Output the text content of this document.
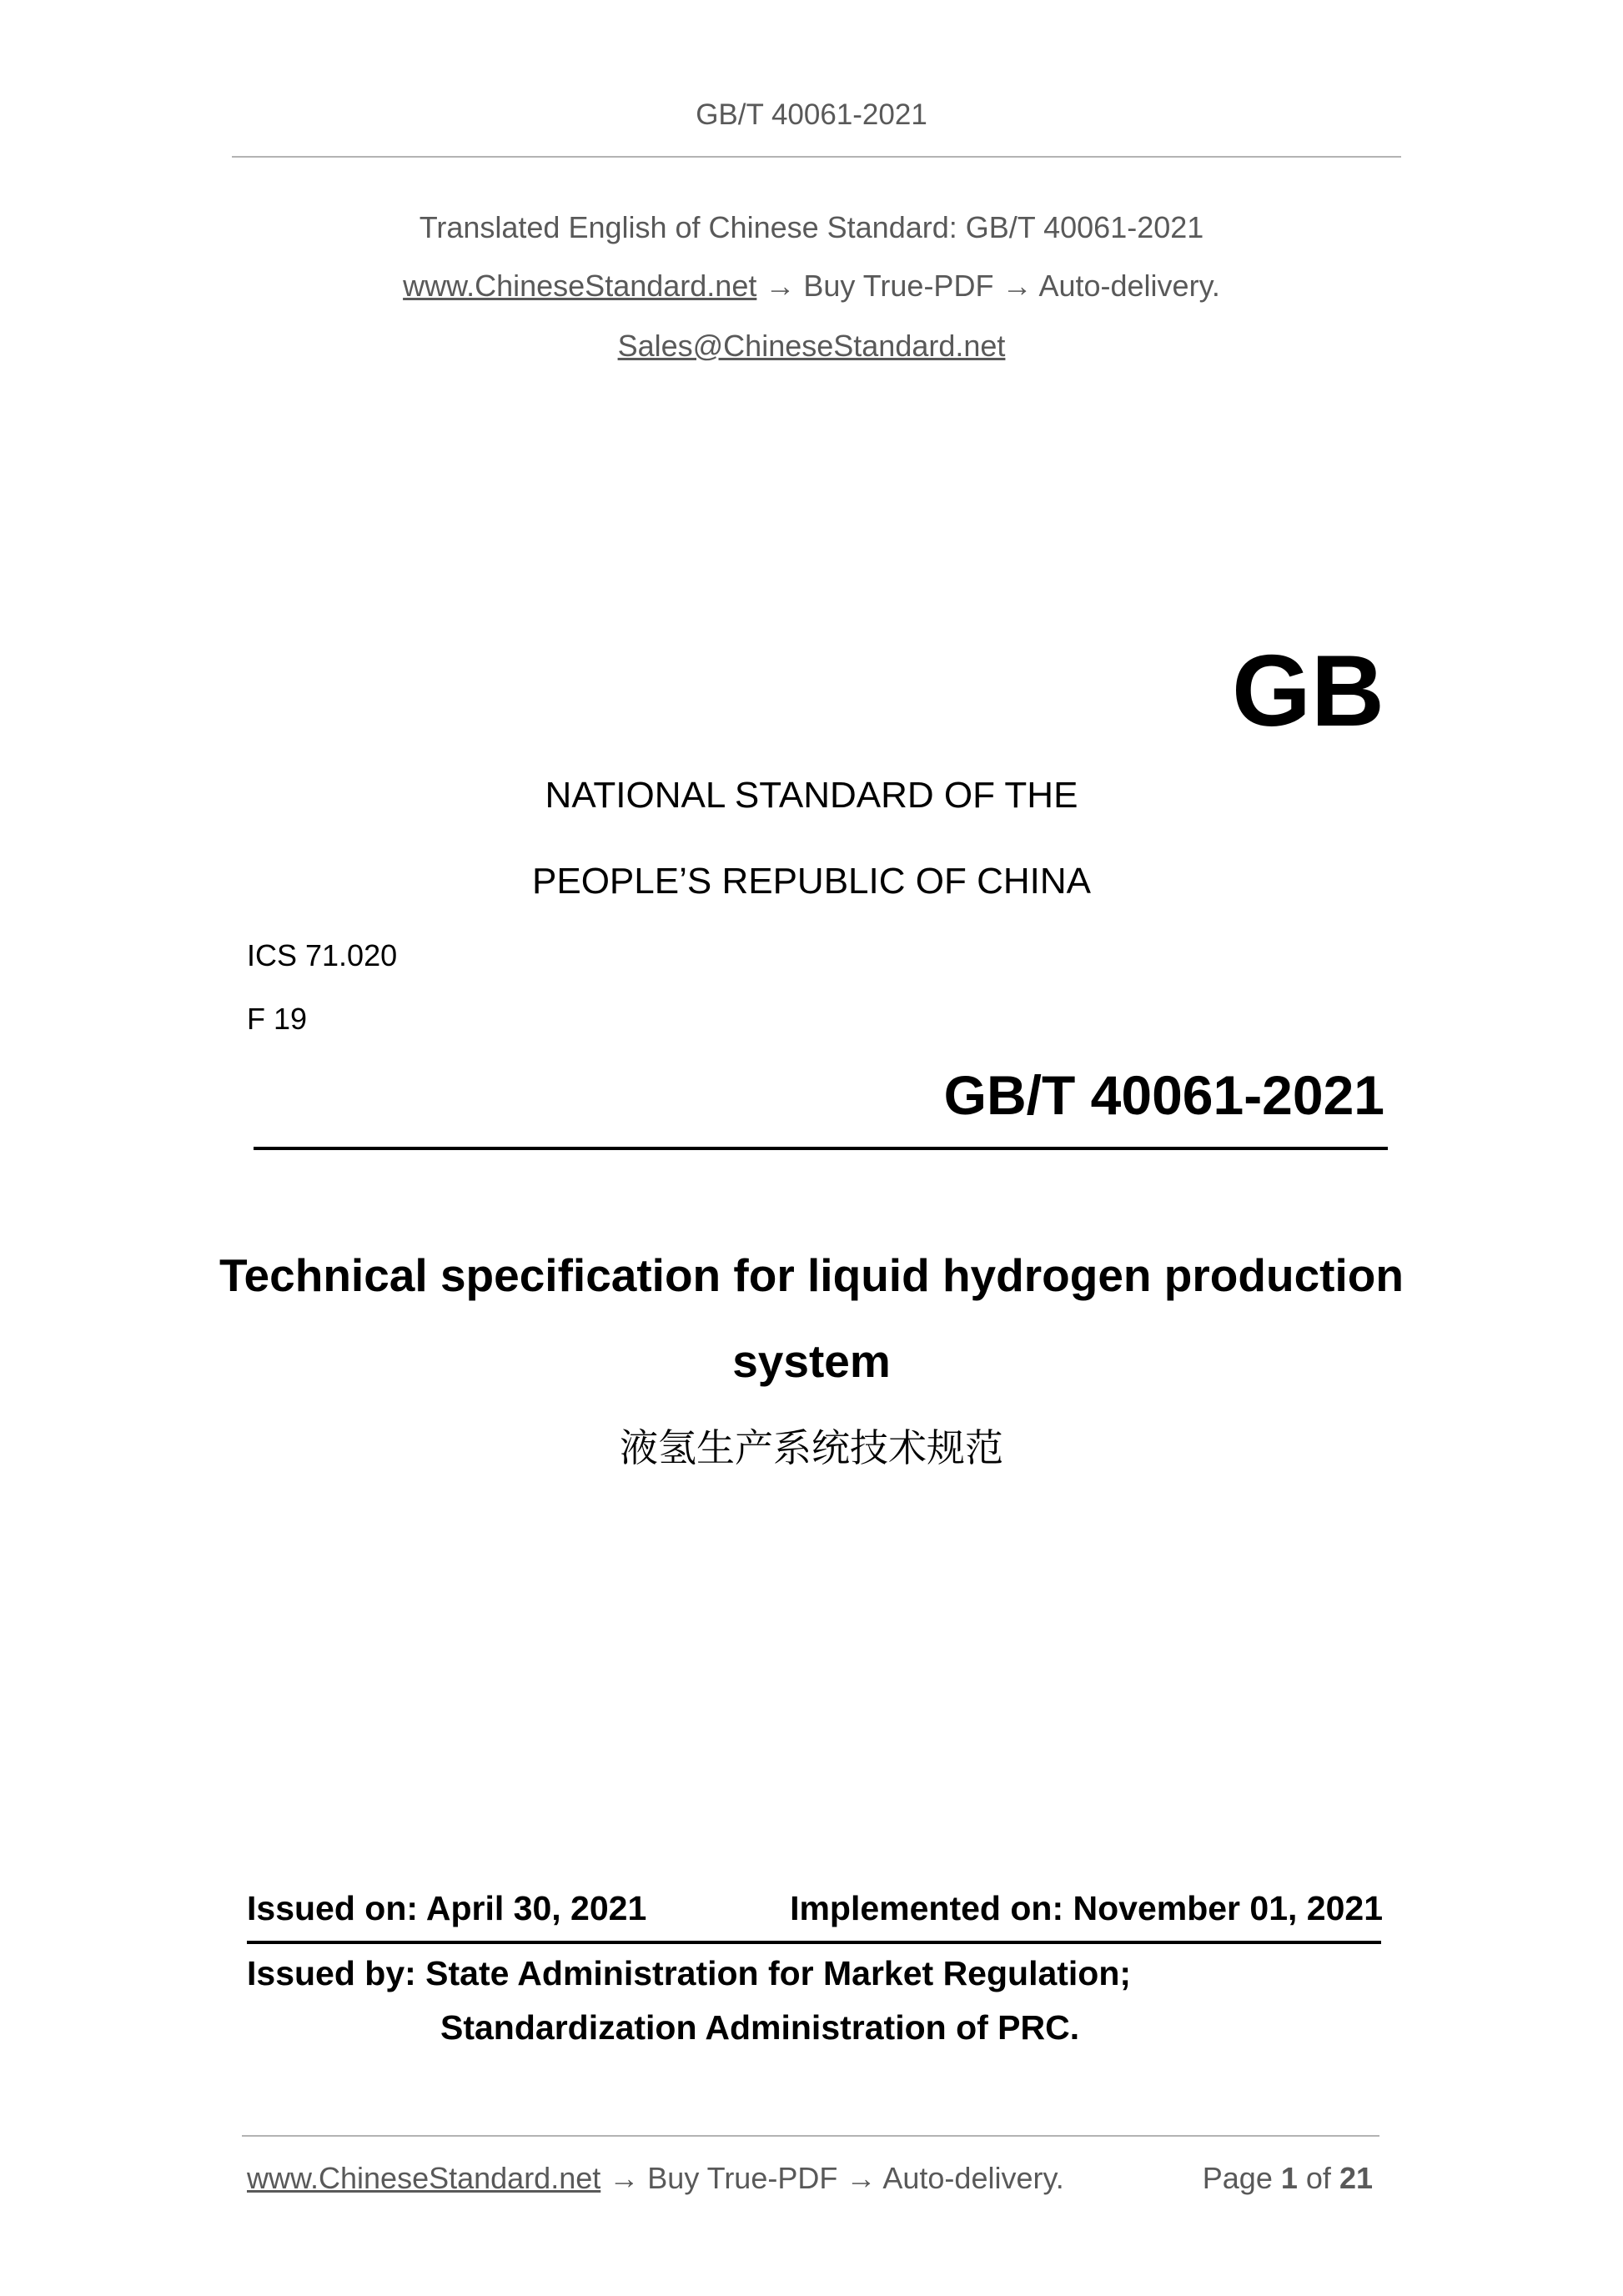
GB/T 40061-2021
Translated English of Chinese Standard: GB/T 40061-2021
www.ChineseStandard.net → Buy True-PDF → Auto-delivery.
Sales@ChineseStandard.net
GB
NATIONAL STANDARD OF THE
PEOPLE’S REPUBLIC OF CHINA
ICS 71.020
F 19
GB/T 40061-2021
Technical specification for liquid hydrogen production
system
液氢生产系统技术规范
Issued on: April 30, 2021	Implemented on: November 01, 2021
Issued by: State Administration for Market Regulation;
Standardization Administration of PRC.
www.ChineseStandard.net → Buy True-PDF → Auto-delivery.	Page 1 of 21
